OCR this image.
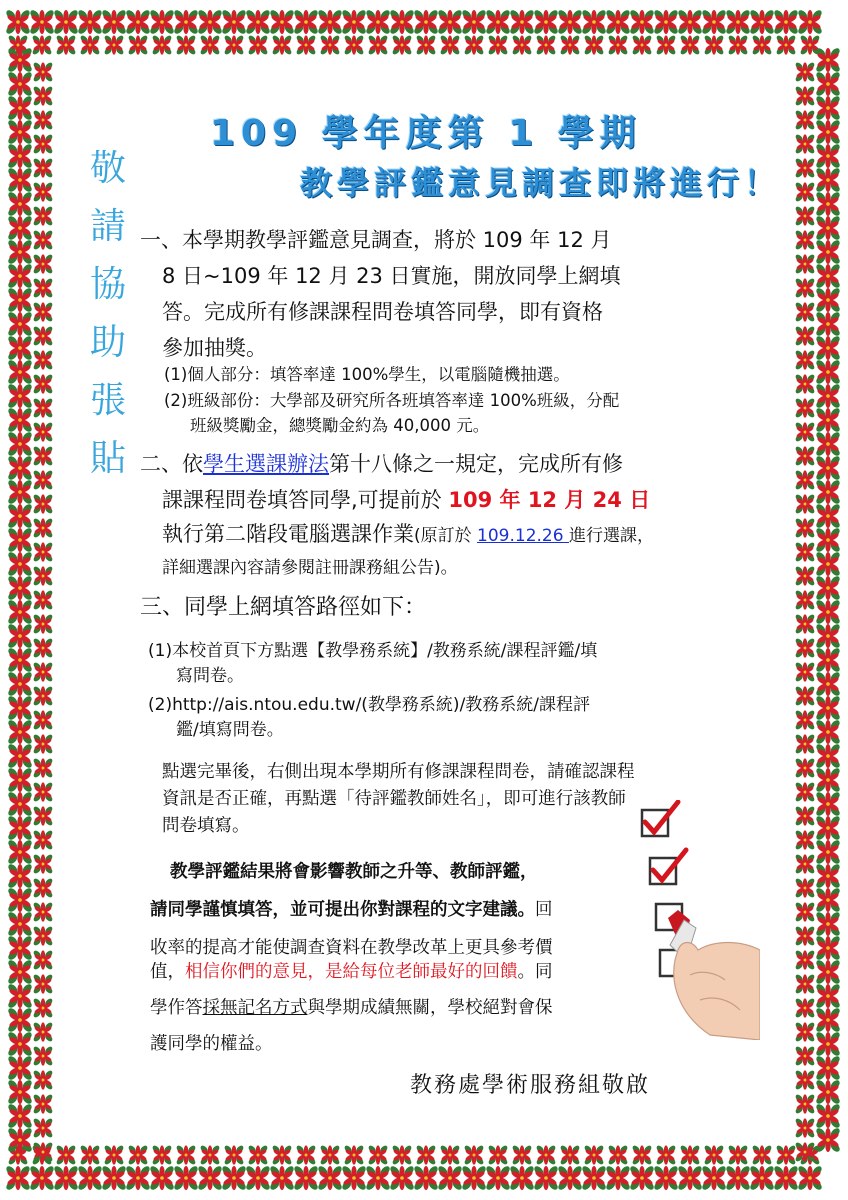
109 學年度第 1 學期
教學評鑑意見調查即將進行！
敬
請
協
助
張
貼
一、本學期教學評鑑意見調查，將於 109 年 12 月
8 日~109 年 12 月 23 日實施，開放同學上網填
答。完成所有修課課程問卷填答同學，即有資格
參加抽獎。
(1)個人部分：填答率達 100%學生，以電腦隨機抽選。
(2)班級部份：大學部及研究所各班填答率達 100%班級，分配
班級獎勵金，總獎勵金約為 40,000 元。
二、依學生選課辦法第十八條之一規定，完成所有修
課課程問卷填答同學,可提前於 109 年 12 月 24 日
執行第二階段電腦選課作業(原訂於 109.12.26 進行選課，
詳細選課內容請參閱註冊課務組公告)。
三、同學上網填答路徑如下：
(1)本校首頁下方點選【教學務系統】/教務系統/課程評鑑/填
寫問卷。
(2)http://ais.ntou.edu.tw/(教學務系統)/教務系統/課程評
鑑/填寫問卷。
點選完畢後，右側出現本學期所有修課課程問卷，請確認課程
資訊是否正確，再點選「待評鑑教師姓名」，即可進行該教師
問卷填寫。
教學評鑑結果將會影響教師之升等、教師評鑑，
請同學謹慎填答，並可提出你對課程的文字建議。回
收率的提高才能使調查資料在教學改革上更具參考價
值，相信你們的意見，是給每位老師最好的回饋。同
學作答採無記名方式與學期成績無關，學校絕對會保
護同學的權益。
教務處學術服務組敬啟
